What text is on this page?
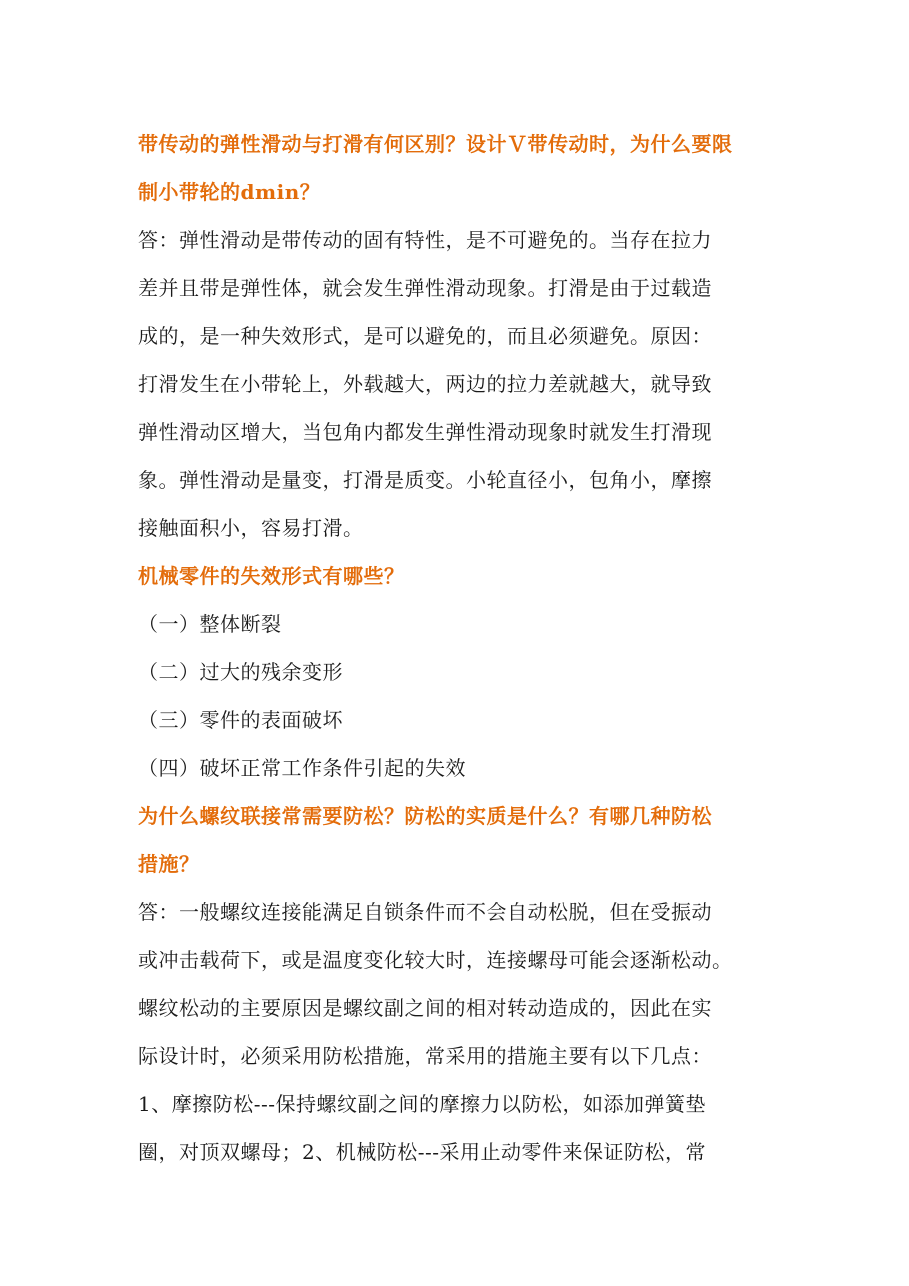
带传动的弹性滑动与打滑有何区别？设计Ｖ带传动时，为什么要限
制小带轮的dmin？
答：弹性滑动是带传动的固有特性，是不可避免的。当存在拉力
差并且带是弹性体，就会发生弹性滑动现象。打滑是由于过载造
成的，是一种失效形式，是可以避免的，而且必须避免。原因：
打滑发生在小带轮上，外载越大，两边的拉力差就越大，就导致
弹性滑动区增大，当包角内都发生弹性滑动现象时就发生打滑现
象。弹性滑动是量变，打滑是质变。小轮直径小，包角小，摩擦
接触面积小，容易打滑。
机械零件的失效形式有哪些？
（一）整体断裂
（二）过大的残余变形
（三）零件的表面破坏
（四）破坏正常工作条件引起的失效
为什么螺纹联接常需要防松？防松的实质是什么？有哪几种防松
措施？
答：一般螺纹连接能满足自锁条件而不会自动松脱，但在受振动
或冲击载荷下，或是温度变化较大时，连接螺母可能会逐渐松动。
螺纹松动的主要原因是螺纹副之间的相对转动造成的，因此在实
际设计时，必须采用防松措施，常采用的措施主要有以下几点：
1、摩擦防松---保持螺纹副之间的摩擦力以防松，如添加弹簧垫
圈，对顶双螺母；2、机械防松---采用止动零件来保证防松，常
